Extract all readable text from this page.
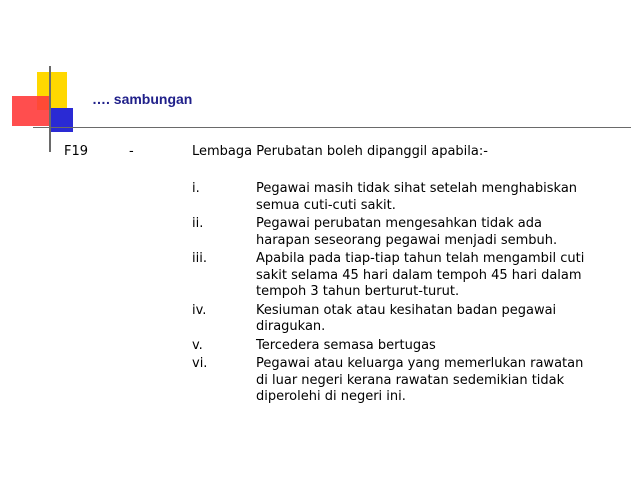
…. sambungan
F19	-	Lembaga Perubatan boleh dipanggil apabila:-
i.	Pegawai masih tidak sihat setelah menghabiskan
semua cuti-cuti sakit.
ii.	Pegawai perubatan mengesahkan tidak ada
harapan seseorang pegawai menjadi sembuh.
iii.	Apabila pada tiap-tiap tahun telah mengambil cuti
sakit selama 45 hari dalam tempoh 45 hari dalam
tempoh 3 tahun berturut-turut.
iv.	Kesiuman otak atau kesihatan badan pegawai
diragukan.
v.	Tercedera semasa bertugas
vi.	Pegawai atau keluarga yang memerlukan rawatan
di luar negeri kerana rawatan sedemikian tidak
diperolehi di negeri ini.
